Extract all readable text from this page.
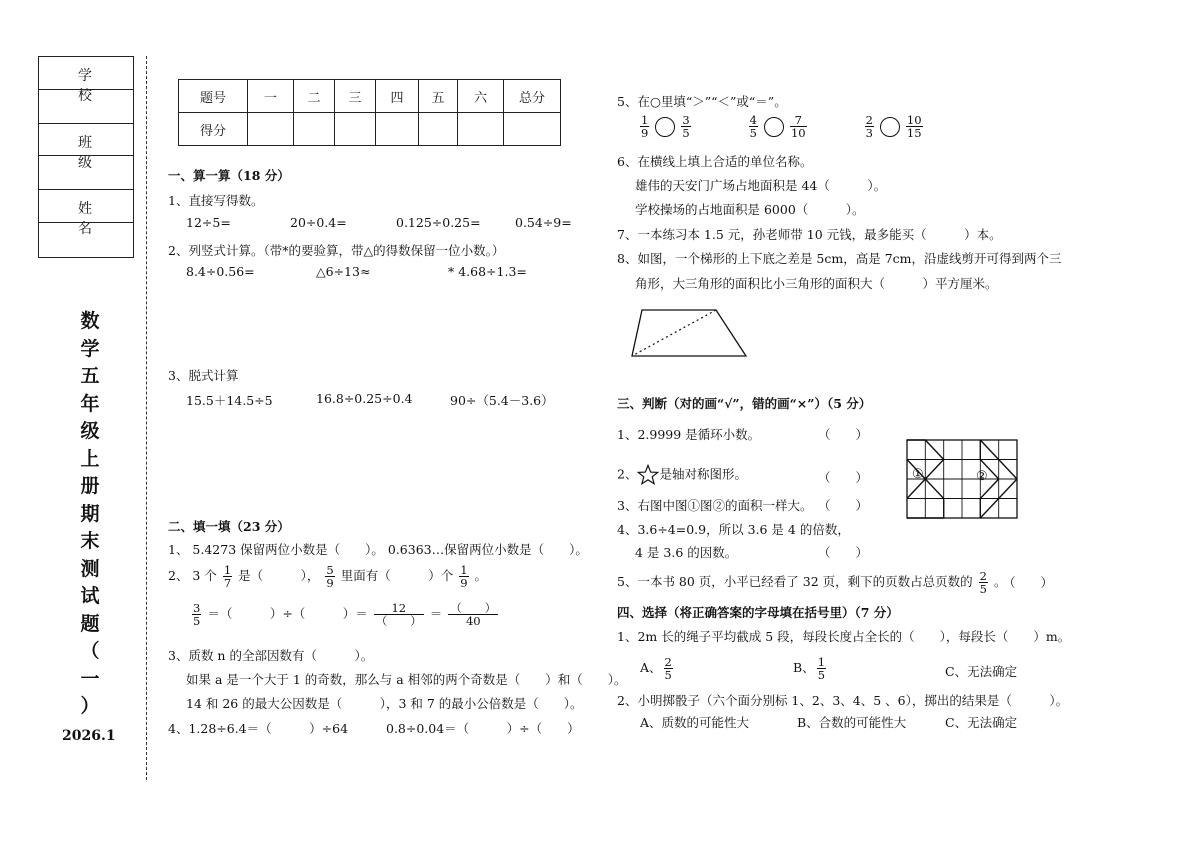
学　校
班　级
姓　名
数
学
五
年
级
上
册
期
末
测
试
题
（
一
）
2026.1
题号	一	二	三	四	五	六	总分
得分							
一、算一算（18 分）
1、直接写得数。
12÷5=	20÷0.4=	0.125÷0.25=	0.54÷9=
2、列竖式计算。（带*的要验算，带△的得数保留一位小数。）
8.4÷0.56=	△6÷13≈	* 4.68÷1.3=
3、脱式计算
15.5＋14.5÷5	16.8÷0.25÷0.4	90÷（5.4－3.6）
二、填一填（23 分）
1、 5.4273 保留两位小数是（　　）。 0.6363…保留两位小数是（　　）。
2、 3 个 $\frac{1}{7}$ 是（　　　）， $\frac{5}{9}$ 里面有（　　　）个 $\frac{1}{9}$ 。
$\frac{3}{5}$ ＝（　　　）÷（　　　）＝	12
（　　） ＝ （　　）
40
3、质数 n 的全部因数有（　　　）。
如果 a 是一个大于 1 的奇数，那么与 a 相邻的两个奇数是（　　）和（　　）。
14 和 26 的最大公因数是（　　　），3 和 7 的最小公倍数是（　　）。
4、1.28÷6.4＝（　　　）÷64	0.8÷0.04＝（　　　）÷（　　）
5、在○里填“＞”“＜”或“＝”。
$\frac{1}{9}$	$\frac{3}{5}$
	$\frac{4}{5}$	$\frac{7}{10}$
	$\frac{2}{3}$	$\frac{10}{15}$
6、在横线上填上合适的单位名称。
雄伟的天安门广场占地面积是 44（　　　）。
学校操场的占地面积是 6000（　　　）。
7、一本练习本 1.5 元，孙老师带 10 元钱，最多能买（　　　）本。
8、如图，一个梯形的上下底之差是 5cm，高是 7cm，沿虚线剪开可得到两个三
角形，大三角形的面积比小三角形的面积大（　　　）平方厘米。
三、判断（对的画“√”，错的画“×”）（5 分）
1、2.9999 是循环小数。	（　　）
2、 是轴对称图形。	（　　）
3、右图中图①图②的面积一样大。 （　　）
4、3.6÷4=0.9，所以 3.6 是 4 的倍数，
4 是 3.6 的因数。	（　　）
①	②
5、一本书 80 页，小平已经看了 32 页，剩下的页数占总页数的 $\frac{2}{5}$ 。
（　　）
四、选择（将正确答案的字母填在括号里）（7 分）
1、2m 长的绳子平均截成 5 段，每段长度占全长的（　　），每段长（　　）m。
A、 $\frac{2}{5}$	B、 $\frac{1}{5}$	C、无法确定
2、小明掷骰子（六个面分别标 1、2、3、4、5 、6），掷出的结果是（　　　）。
A、质数的可能性大	B、合数的可能性大	C、无法确定
